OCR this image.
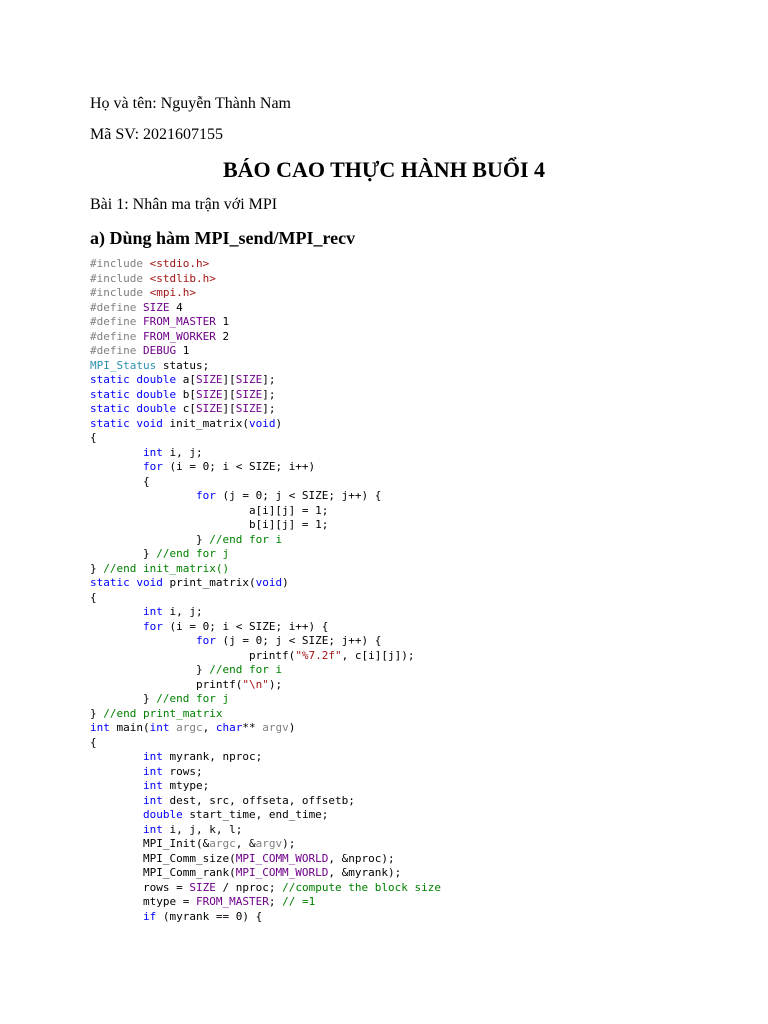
Họ và tên: Nguyễn Thành Nam
Mã SV: 2021607155
BÁO CAO THỰC HÀNH BUỔI 4
Bài 1: Nhân ma trận với MPI
a) Dùng hàm MPI_send/MPI_recv
#include <stdio.h>
#include <stdlib.h>
#include <mpi.h>
#define SIZE 4
#define FROM_MASTER 1
#define FROM_WORKER 2
#define DEBUG 1
MPI_Status status;
static double a[SIZE][SIZE];
static double b[SIZE][SIZE];
static double c[SIZE][SIZE];
static void init_matrix(void)
{
int i, j;
for (i = 0; i < SIZE; i++)
{
for (j = 0; j < SIZE; j++) {
a[i][j] = 1;
b[i][j] = 1;
} //end for i
} //end for j
} //end init_matrix()
static void print_matrix(void)
{
int i, j;
for (i = 0; i < SIZE; i++) {
for (j = 0; j < SIZE; j++) {
printf("%7.2f", c[i][j]);
} //end for i
printf("\n");
} //end for j
} //end print_matrix
int main(int argc, char** argv)
{
int myrank, nproc;
int rows;
int mtype;
int dest, src, offseta, offsetb;
double start_time, end_time;
int i, j, k, l;
MPI_Init(&argc, &argv);
MPI_Comm_size(MPI_COMM_WORLD, &nproc);
MPI_Comm_rank(MPI_COMM_WORLD, &myrank);
rows = SIZE / nproc; //compute the block size
mtype = FROM_MASTER; // =1
if (myrank == 0) {
